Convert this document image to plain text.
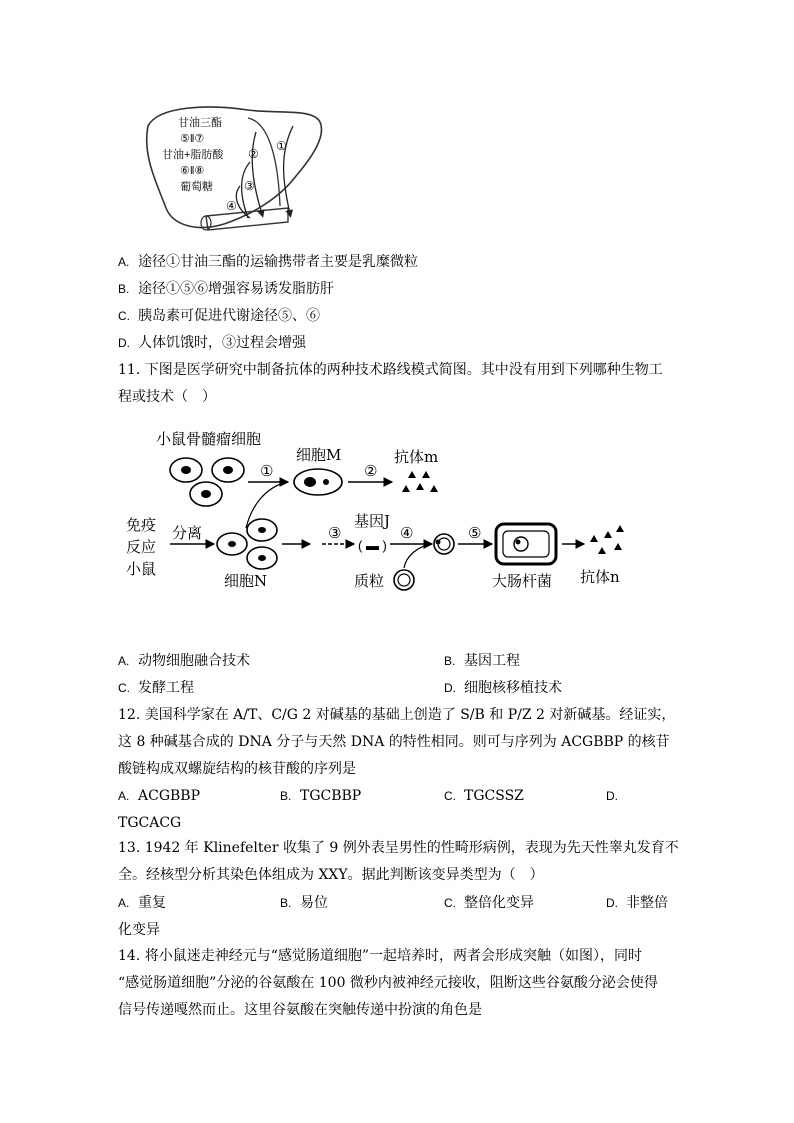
甘油三酯
⑤‖⑦
甘油+脂肪酸
⑥‖⑧
葡萄糖
①
②
③
④
A. 途径①甘油三酯的运输携带者主要是乳糜微粒
B. 途径①⑤⑥增强容易诱发脂肪肝
C. 胰岛素可促进代谢途径⑤、⑥
D. 人体饥饿时，③过程会增强
11. 下图是医学研究中制备抗体的两种技术路线模式简图。其中没有用到下列哪种生物工
程或技术（　）
小鼠骨髓瘤细胞
①
细胞M
②
抗体m
免疫
反应
小鼠
分离
细胞N
③
基因J
( ▬ )
④
质粒
⑤
大肠杆菌 抗体n
A. 动物细胞融合技术	B. 基因工程
C. 发酵工程	D. 细胞核移植技术
12. 美国科学家在 A/T、C/G 2 对碱基的基础上创造了 S/B 和 P/Z 2 对新碱基。经证实，
这 8 种碱基合成的 DNA 分子与天然 DNA 的特性相同。则可与序列为 ACGBBP 的核苷
酸链构成双螺旋结构的核苷酸的序列是
A. ACGBBP	B. TGCBBP	C. TGCSSZ	D.
TGCACG
13. 1942 年 Klinefelter 收集了 9 例外表呈男性的性畸形病例，表现为先天性睾丸发育不
全。经核型分析其染色体组成为 XXY。据此判断该变异类型为（　）
A. 重复	B. 易位	C. 整倍化变异	D. 非整倍
化变异
14. 将小鼠迷走神经元与“感觉肠道细胞”一起培养时，两者会形成突触（如图），同时
“感觉肠道细胞”分泌的谷氨酸在 100 微秒内被神经元接收，阻断这些谷氨酸分泌会使得
信号传递嘎然而止。这里谷氨酸在突触传递中扮演的角色是
